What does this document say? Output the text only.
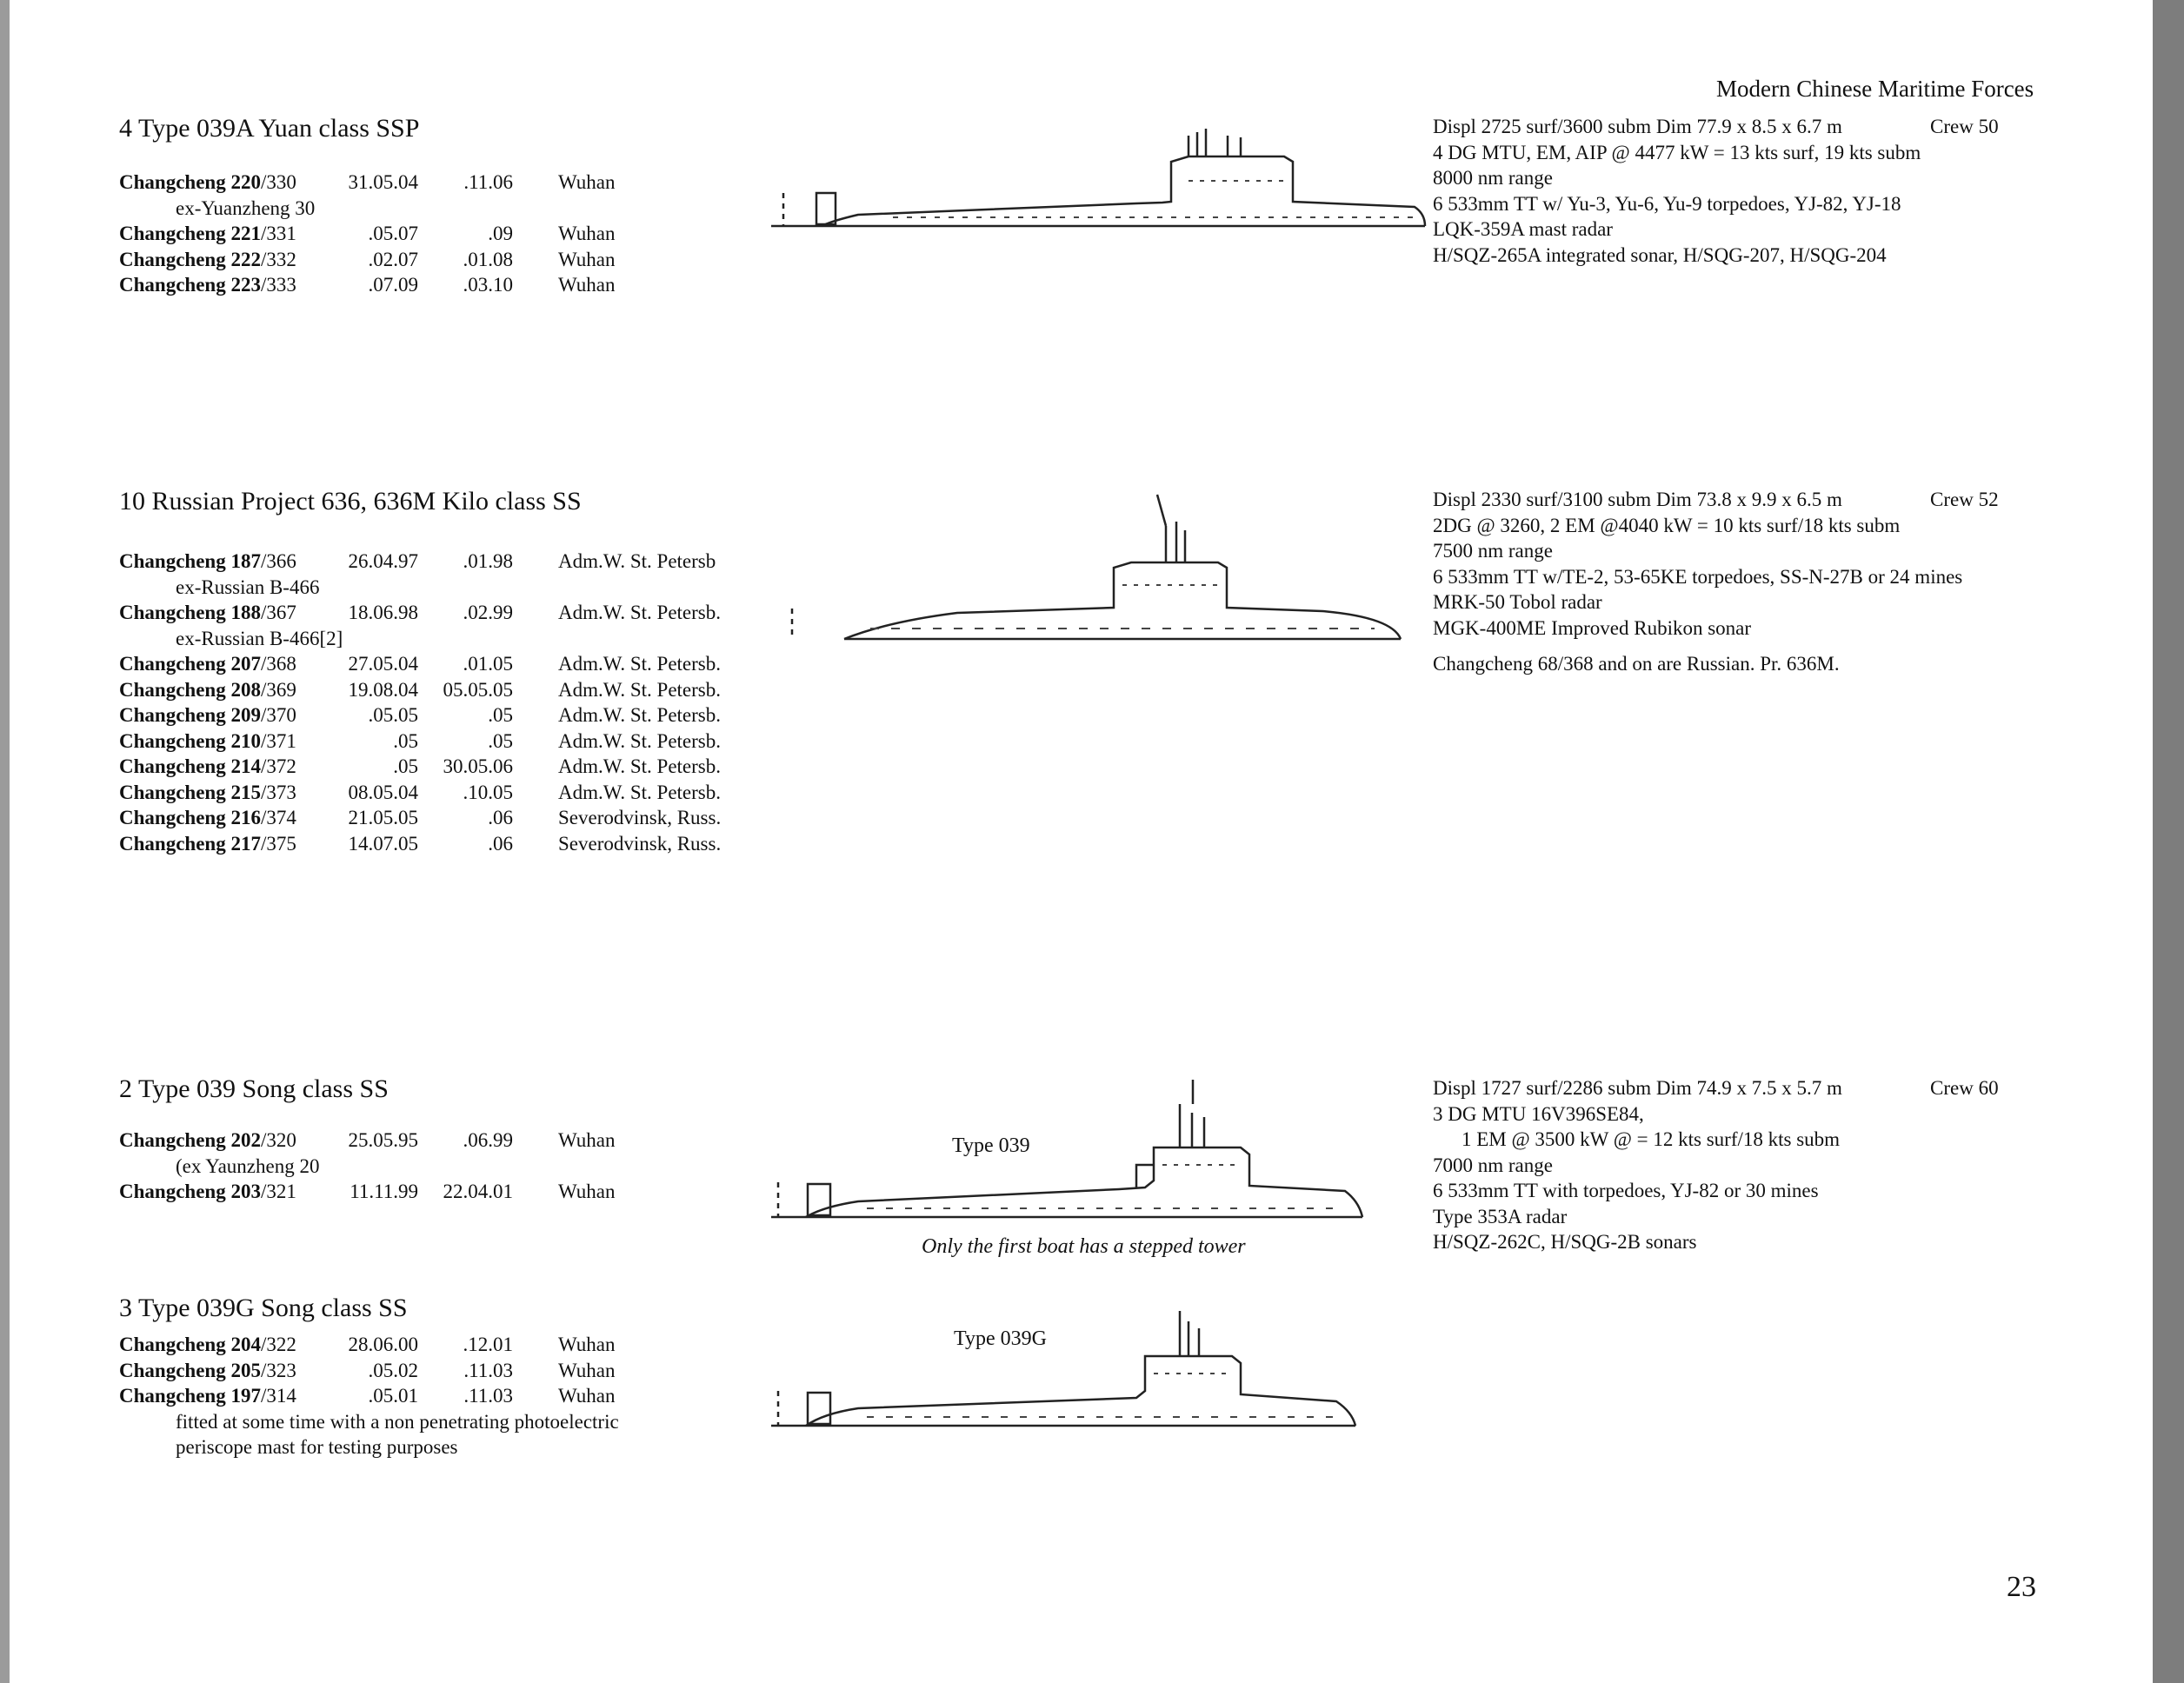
Modern Chinese Maritime Forces
4 Type 039A Yuan class SSP
Changcheng 220/330	31.05.04 .11.06 Wuhan
ex-Yuanzheng 30
Changcheng 221/331	.05.07	.09 Wuhan
Changcheng 222/332	.02.07 .01.08 Wuhan
Changcheng 223/333	.07.09 .03.10 Wuhan
Displ 2725 surf/3600 subm Dim 77.9 x 8.5 x 6.7 m	Crew 50
4 DG MTU, EM, AIP @ 4477 kW = 13 kts surf, 19 kts subm
8000 nm range
6 533mm TT w/ Yu-3, Yu-6, Yu-9 torpedoes, YJ-82, YJ-18
LQK-359A mast radar
H/SQZ-265A integrated sonar, H/SQG-207, H/SQG-204
10 Russian Project 636, 636M Kilo class SS
Changcheng 187/366	26.04.97 .01.98 Adm.W. St. Petersb
ex-Russian B-466
Changcheng 188/367	18.06.98 .02.99 Adm.W. St. Petersb.
ex-Russian B-466[2]
Changcheng 207/368	27.05.04 .01.05 Adm.W. St. Petersb.
Changcheng 208/369	19.08.04 05.05.05 Adm.W. St. Petersb.
Changcheng 209/370	.05.05	.05 Adm.W. St. Petersb.
Changcheng 210/371	.05	.05 Adm.W. St. Petersb.
Changcheng 214/372	.05 30.05.06 Adm.W. St. Petersb.
Changcheng 215/373	08.05.04 .10.05 Adm.W. St. Petersb.
Changcheng 216/374	21.05.05	.06 Severodvinsk, Russ.
Changcheng 217/375	14.07.05	.06 Severodvinsk, Russ.
Displ 2330 surf/3100 subm Dim 73.8 x 9.9 x 6.5 m	Crew 52
2DG @ 3260, 2 EM @4040 kW = 10 kts surf/18 kts subm
7500 nm range
6 533mm TT w/TE-2, 53-65KE torpedoes, SS-N-27B or 24 mines
MRK-50 Tobol radar
MGK-400ME Improved Rubikon sonar
Changcheng 68/368 and on are Russian. Pr. 636M.
2 Type 039 Song class SS
Changcheng 202/320	25.05.95 .06.99 Wuhan
(ex Yaunzheng 20
Changcheng 203/321	11.11.99 22.04.01 Wuhan
Type 039
Only the first boat has a stepped tower
Displ 1727 surf/2286 subm Dim 74.9 x 7.5 x 5.7 m	Crew 60
3 DG MTU 16V396SE84,
1 EM @ 3500 kW @ = 12 kts surf/18 kts subm
7000 nm range
6 533mm TT with torpedoes, YJ-82 or 30 mines
Type 353A radar
H/SQZ-262C, H/SQG-2B sonars
3 Type 039G Song class SS
Changcheng 204/322	28.06.00 .12.01 Wuhan
Changcheng 205/323	.05.02 .11.03 Wuhan
Changcheng 197/314	.05.01 .11.03 Wuhan
fitted at some time with a non penetrating photoelectric
periscope mast for testing purposes
Type 039G
23
